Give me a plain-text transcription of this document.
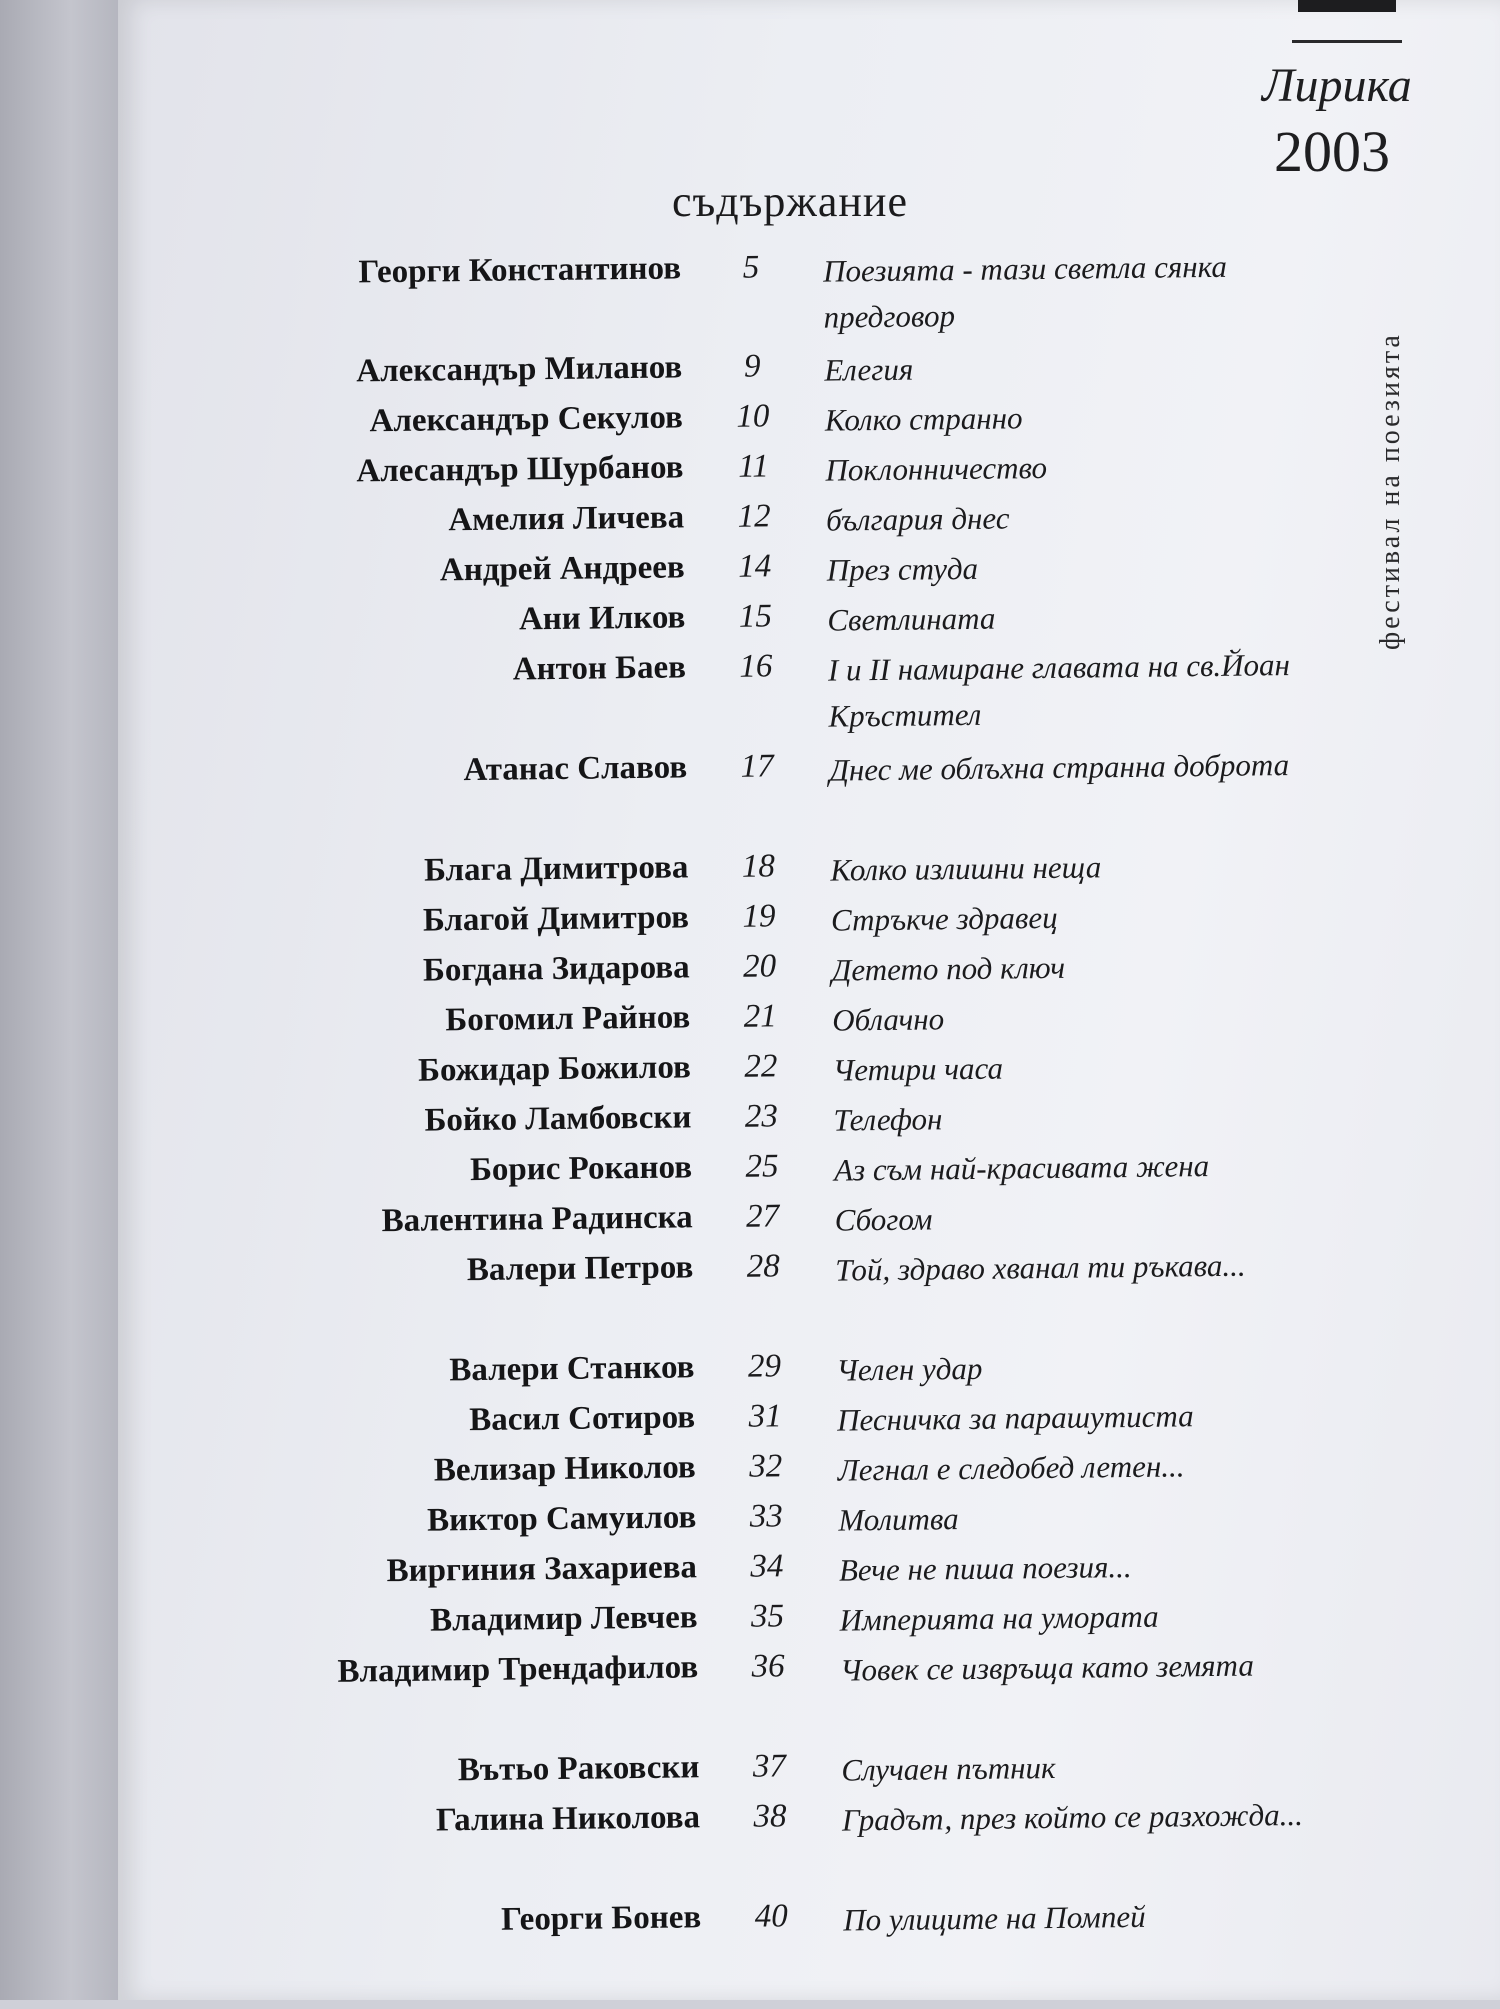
Лирика
2003
фестивал на поезията
съдържание
Георги Константинов	5	Поезията - тази светла сянка предговор
Александър Миланов	9	Елегия
Александър Секулов	10	Колко странно
Алесандър Шурбанов	11	Поклонничество
Амелия Личева	12	българия днес
Андрей Андреев	14	През студа
Ани Илков	15	Светлината
Антон Баев	16	I и II намиране главата на св.Йоан Кръстител
Атанас Славов	17	Днес ме облъхна странна доброта
Блага Димитрова	18	Колко излишни неща
Благой Димитров	19	Стръкче здравец
Богдана Зидарова	20	Детето под ключ
Богомил Райнов	21	Облачно
Божидар Божилов	22	Четири часа
Бойко Ламбовски	23	Телефон
Борис Роканов	25	Аз съм най-красивата жена
Валентина Радинска	27	Сбогом
Валери Петров	28	Той, здраво хванал ти ръкава...
Валери Станков	29	Челен удар
Васил Сотиров	31	Песничка за парашутиста
Велизар Николов	32	Легнал е следобед летен...
Виктор Самуилов	33	Молитва
Виргиния Захариева	34	Вече не пиша поезия...
Владимир Левчев	35	Империята на умората
Владимир Трендафилов	36	Човек се извръща като земята
Вътьо Раковски	37	Случаен пътник
Галина Николова	38	Градът, през който се разхожда...
Георги Бонев	40	По улиците на Помпей
